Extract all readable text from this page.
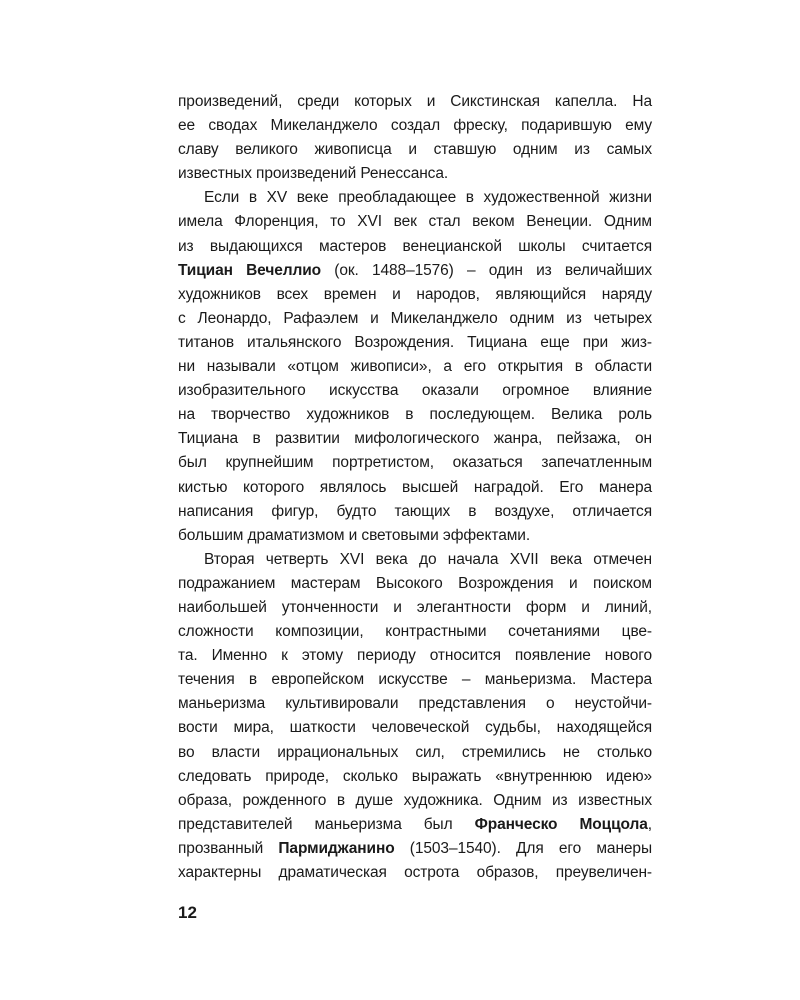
произведений, среди которых и Сикстинская капелла. На
ее сводах Микеланджело создал фреску, подарившую ему
славу великого живописца и ставшую одним из самых
известных произведений Ренессанса.
Если в XV веке преобладающее в художественной жизни
имела Флоренция, то XVI век стал веком Венеции. Одним
из выдающихся мастеров венецианской школы считается
Тициан Вечеллио (ок. 1488–1576) – один из величайших
художников всех времен и народов, являющийся наряду
с Леонардо, Рафаэлем и Микеланджело одним из четырех
титанов итальянского Возрождения. Тициана еще при жиз-
ни называли «отцом живописи», а его открытия в области
изобразительного искусства оказали огромное влияние
на творчество художников в последующем. Велика роль
Тициана в развитии мифологического жанра, пейзажа, он
был крупнейшим портретистом, оказаться запечатленным
кистью которого являлось высшей наградой. Его манера
написания фигур, будто тающих в воздухе, отличается
большим драматизмом и световыми эффектами.
Вторая четверть XVI века до начала XVII века отмечен
подражанием мастерам Высокого Возрождения и поиском
наибольшей утонченности и элегантности форм и линий,
сложности композиции, контрастными сочетаниями цве-
та. Именно к этому периоду относится появление нового
течения в европейском искусстве – маньеризма. Мастера
маньеризма культивировали представления о неустойчи-
вости мира, шаткости человеческой судьбы, находящейся
во власти иррациональных сил, стремились не столько
следовать природе, сколько выражать «внутреннюю идею»
образа, рожденного в душе художника. Одним из известных
представителей маньеризма был Франческо Моццола,
прозванный Пармиджанино (1503–1540). Для его манеры
характерны драматическая острота образов, преувеличен-
12
